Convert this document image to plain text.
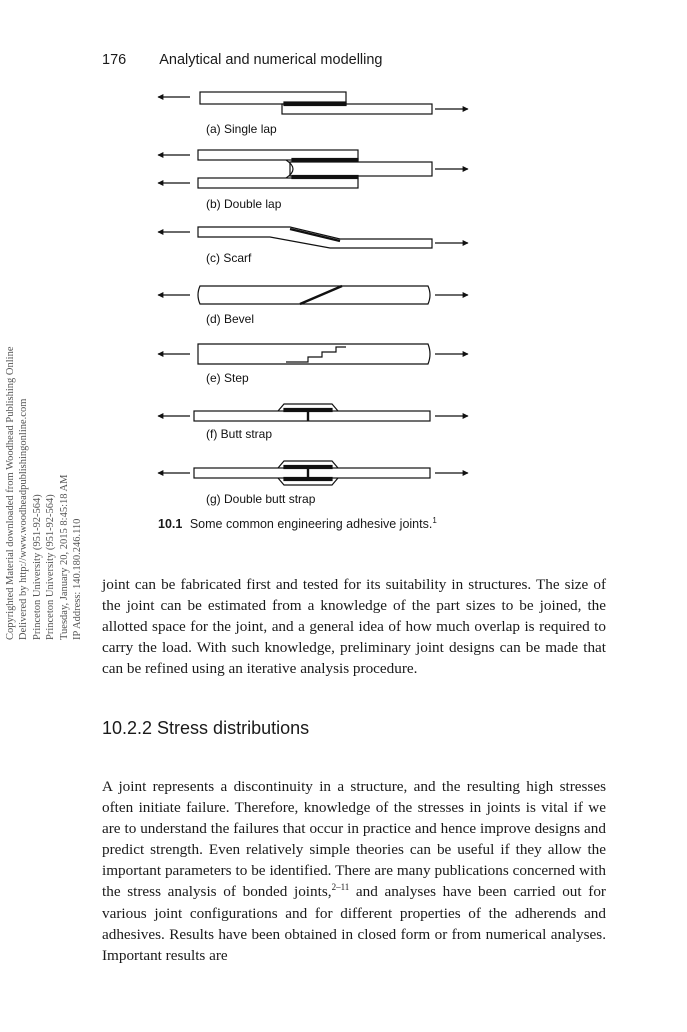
176 Analytical and numerical modelling
Copyrighted Material downloaded from Woodhead Publishing Online Delivered by http://www.woodheadpublishingonline.com Princeton University (951-92-564) Princeton University (951-92-564) Tuesday, January 20, 2015 8:45:18 AM IP Address: 140.180.246.110
(a) Single lap
(b) Double lap
(c) Scarf
(d) Bevel
(e) Step
(f) Butt strap
(g) Double butt strap
10.1 Some common engineering adhesive joints.$^1$
joint can be fabricated first and tested for its suitability in structures. The size of the joint can be estimated from a knowledge of the part sizes to be joined, the allotted space for the joint, and a general idea of how much overlap is required to carry the load. With such knowledge, preliminary joint designs can be made that can be refined using an iterative analysis procedure.
10.2.2 Stress distributions
A joint represents a discontinuity in a structure, and the resulting high stresses often initiate failure. Therefore, knowledge of the stresses in joints is vital if we are to understand the failures that occur in practice and hence improve designs and predict strength. Even relatively simple theories can be useful if they allow the important parameters to be identified. There are many publications concerned with the stress analysis of bonded joints,$^{2-11}$ and analyses have been carried out for various joint configurations and for different properties of the adherends and adhesives. Results have been obtained in closed form or from numerical analyses. Important results are
